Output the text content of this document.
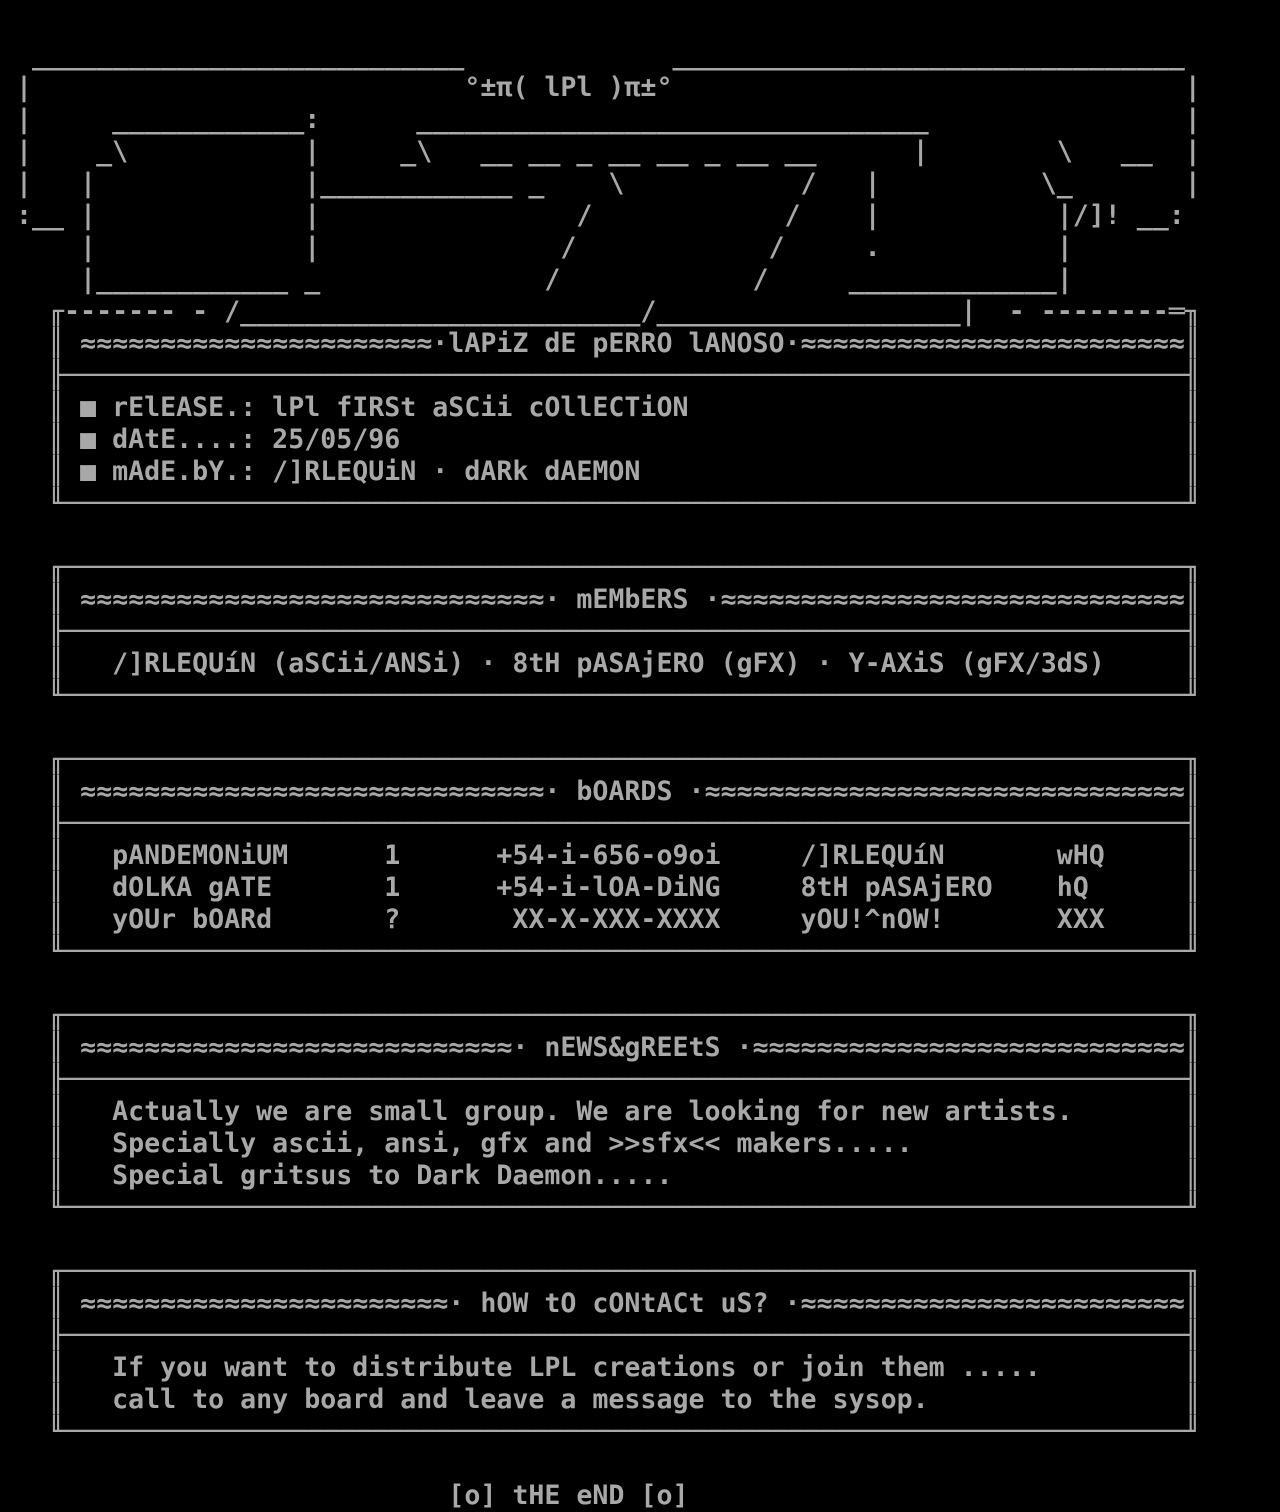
___________________________             ________________________________
|                           °±π( lPl )π±°                                |
|     ____________:      ________________________________                |
|    _\           |     _\   __ __ _ __ __ _ __ __      |        \   __  |
|   |             |____________ _    \           /   |          \_       |
:__ |             |                /            /    |           |/]! __:
|             |               /            /     .           |
|____________ _              /            /     _____________|
╓------- - /_________________________/___________________|  - --------═╖
║ ≈≈≈≈≈≈≈≈≈≈≈≈≈≈≈≈≈≈≈≈≈≈·lAPiZ dE pERRO lANOSO·≈≈≈≈≈≈≈≈≈≈≈≈≈≈≈≈≈≈≈≈≈≈≈≈║
╟──────────────────────────────────────────────────────────────────────╢
║ ■ rElEASE.: lPl fIRSt aSCii cOllECTiON                               ║
║ ■ dAtE....: 25/05/96                                                 ║
║ ■ mAdE.bY.: /]RLEQUiN · dARk dAEMON                                  ║
╙──────────────────────────────────────────────────────────────────────╜

╓──────────────────────────────────────────────────────────────────────╖
║ ≈≈≈≈≈≈≈≈≈≈≈≈≈≈≈≈≈≈≈≈≈≈≈≈≈≈≈≈≈· mEMbERS ·≈≈≈≈≈≈≈≈≈≈≈≈≈≈≈≈≈≈≈≈≈≈≈≈≈≈≈≈≈║
╟──────────────────────────────────────────────────────────────────────╢
║   /]RLEQUíN (aSCii/ANSi) · 8tH pASAjERO (gFX) · Y-AXiS (gFX/3dS)     ║
╙──────────────────────────────────────────────────────────────────────╜

╓──────────────────────────────────────────────────────────────────────╖
║ ≈≈≈≈≈≈≈≈≈≈≈≈≈≈≈≈≈≈≈≈≈≈≈≈≈≈≈≈≈· bOARDS ·≈≈≈≈≈≈≈≈≈≈≈≈≈≈≈≈≈≈≈≈≈≈≈≈≈≈≈≈≈≈║
╟──────────────────────────────────────────────────────────────────────╢
║   pANDEMONiUM      1      +54-i-656-o9oi     /]RLEQUíN       wHQ     ║
║   dOLKA gATE       1      +54-i-lOA-DiNG     8tH pASAjERO    hQ      ║
║   yOUr bOARd       ?       XX-X-XXX-XXXX     yOU!^nOW!       XXX     ║
╙──────────────────────────────────────────────────────────────────────╜

╓──────────────────────────────────────────────────────────────────────╖
║ ≈≈≈≈≈≈≈≈≈≈≈≈≈≈≈≈≈≈≈≈≈≈≈≈≈≈≈· nEWS&gREEtS ·≈≈≈≈≈≈≈≈≈≈≈≈≈≈≈≈≈≈≈≈≈≈≈≈≈≈≈║
╟──────────────────────────────────────────────────────────────────────╢
║   Actually we are small group. We are looking for new artists.       ║
║   Specially ascii, ansi, gfx and >>sfx<< makers.....                 ║
║   Special gritsus to Dark Daemon.....                                ║
╙──────────────────────────────────────────────────────────────────────╜

╓──────────────────────────────────────────────────────────────────────╖
║ ≈≈≈≈≈≈≈≈≈≈≈≈≈≈≈≈≈≈≈≈≈≈≈· hOW tO cONtACt uS? ·≈≈≈≈≈≈≈≈≈≈≈≈≈≈≈≈≈≈≈≈≈≈≈≈║
╟──────────────────────────────────────────────────────────────────────╢
║   If you want to distribute LPL creations or join them .....         ║
║   call to any board and leave a message to the sysop.                ║
╙──────────────────────────────────────────────────────────────────────╜

[o] tHE eND [o]
